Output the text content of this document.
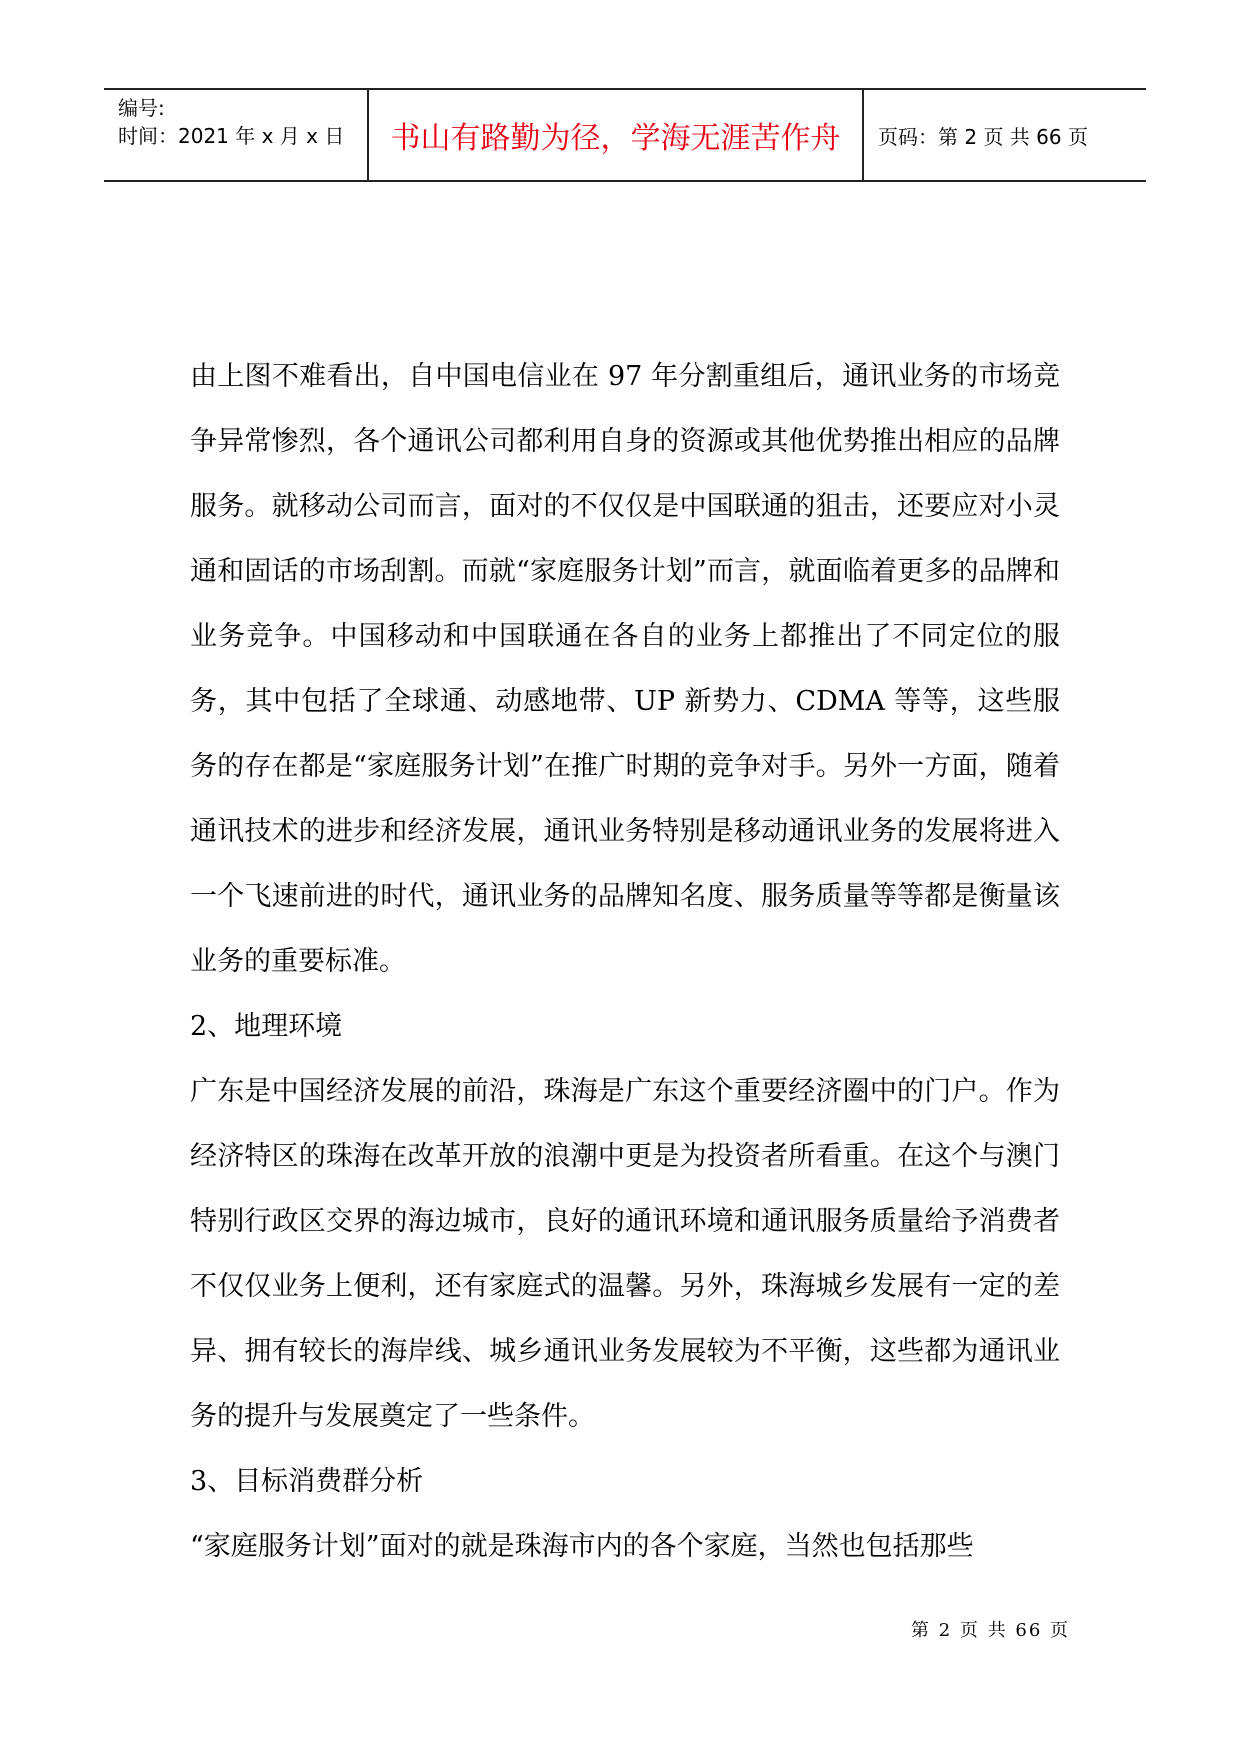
编号:
时间：2021 年 x 月 x 日	书山有路勤为径，学海无涯苦作舟	页码：第 2 页 共 66 页

由上图不难看出，自中国电信业在 97 年分割重组后，通讯业务的市场竞争异常惨烈，各个通讯公司都利用自身的资源或其他优势推出相应的品牌服务。就移动公司而言，面对的不仅仅是中国联通的狙击，还要应对小灵通和固话的市场刮割。而就“家庭服务计划”而言，就面临着更多的品牌和业务竞争。中国移动和中国联通在各自的业务上都推出了不同定位的服务，其中包括了全球通、动感地带、UP 新势力、CDMA 等等，这些服务的存在都是“家庭服务计划”在推广时期的竞争对手。另外一方面，随着通讯技术的进步和经济发展，通讯业务特别是移动通讯业务的发展将进入一个飞速前进的时代，通讯业务的品牌知名度、服务质量等等都是衡量该业务的重要标准。

2、地理环境

广东是中国经济发展的前沿，珠海是广东这个重要经济圈中的门户。作为经济特区的珠海在改革开放的浪潮中更是为投资者所看重。在这个与澳门特别行政区交界的海边城市，良好的通讯环境和通讯服务质量给予消费者不仅仅业务上便利，还有家庭式的温馨。另外，珠海城乡发展有一定的差异、拥有较长的海岸线、城乡通讯业务发展较为不平衡，这些都为通讯业务的提升与发展奠定了一些条件。

3、目标消费群分析

“家庭服务计划”面对的就是珠海市内的各个家庭，当然也包括那些

第 2 页 共 66 页
